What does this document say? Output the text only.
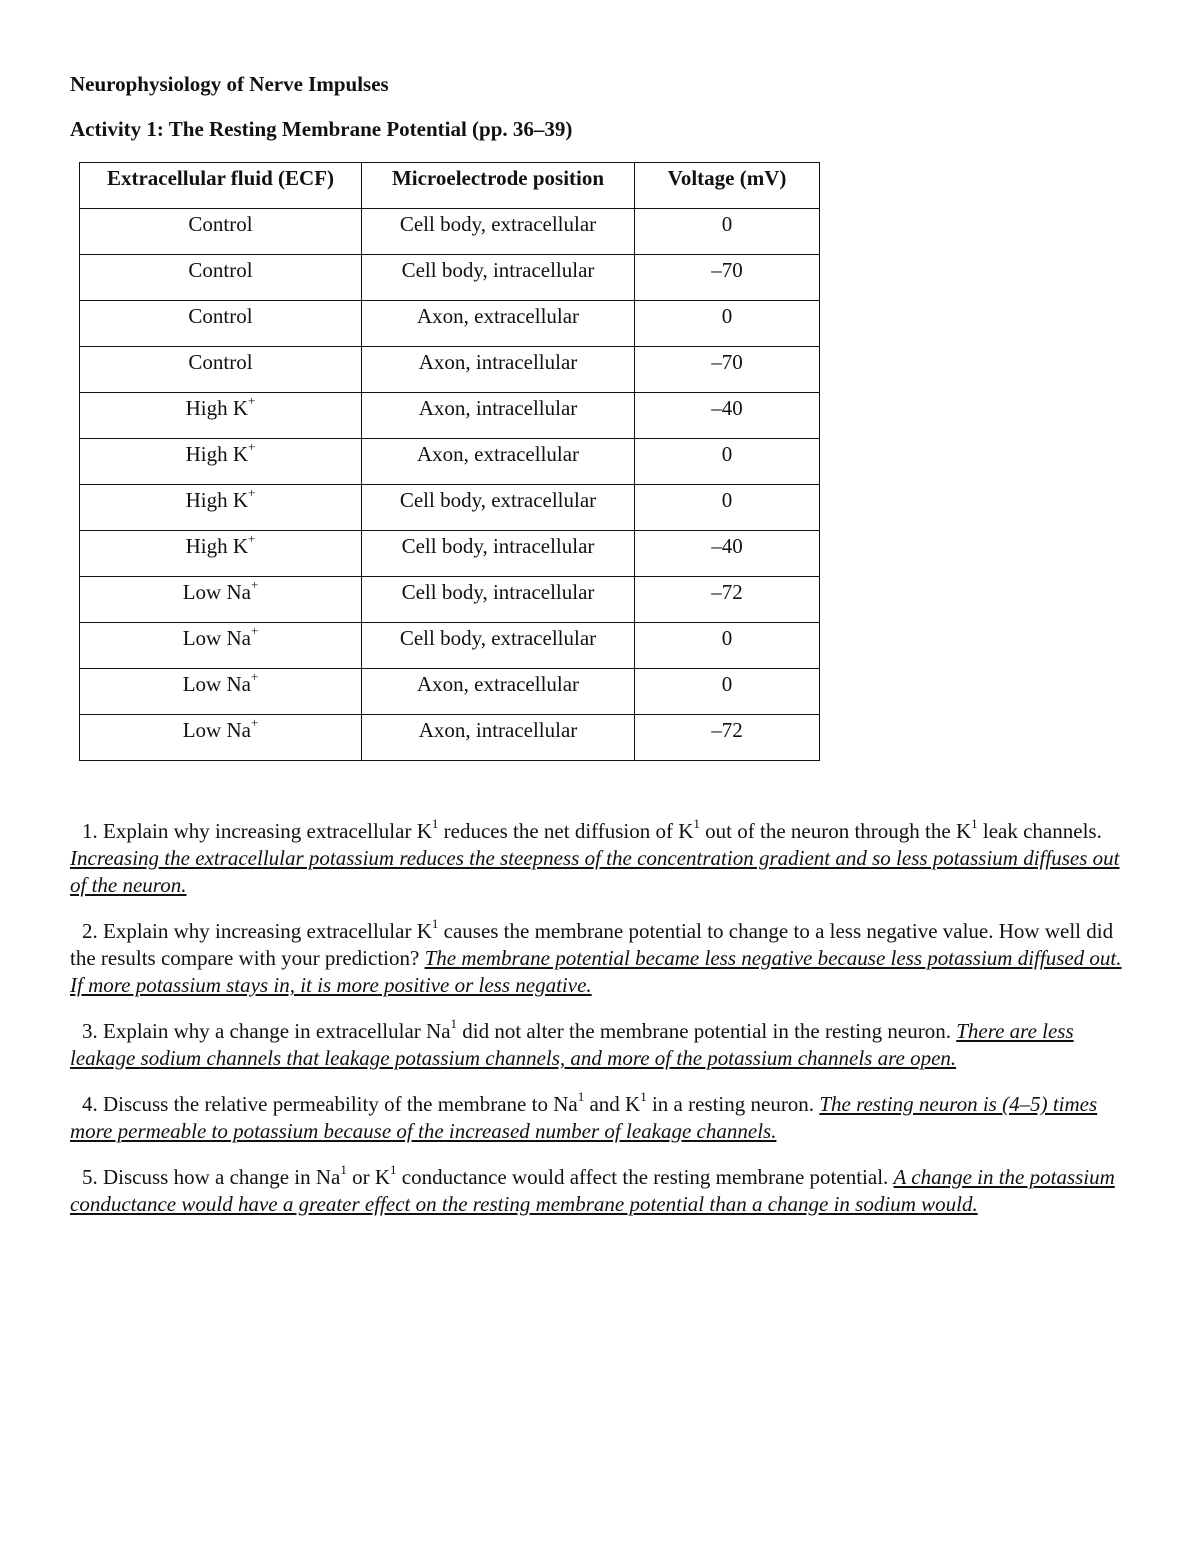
Neurophysiology of Nerve Impulses

Activity 1: The Resting Membrane Potential (pp. 36–39)

Extracellular fluid (ECF)	Microelectrode position	Voltage (mV)
Control	Cell body, extracellular	0
Control	Cell body, intracellular	–70
Control	Axon, extracellular	0
Control	Axon, intracellular	–70
High K+	Axon, intracellular	–40
High K+	Axon, extracellular	0
High K+	Cell body, extracellular	0
High K+	Cell body, intracellular	–40
Low Na+	Cell body, intracellular	–72
Low Na+	Cell body, extracellular	0
Low Na+	Axon, extracellular	0
Low Na+	Axon, intracellular	–72

1. Explain why increasing extracellular $K^1$ reduces the net diffusion of $K^1$ out of the neuron through the $K^1$ leak channels. Increasing the extracellular potassium reduces the steepness of the concentration gradient and so less potassium diffuses out of the neuron.

2. Explain why increasing extracellular $K^1$ causes the membrane potential to change to a less negative value. How well did the results compare with your prediction? The membrane potential became less negative because less potassium diffused out. If more potassium stays in, it is more positive or less negative.

3. Explain why a change in extracellular Na$^1$ did not alter the membrane potential in the resting neuron. There are less leakage sodium channels that leakage potassium channels, and more of the potassium channels are open.

4. Discuss the relative permeability of the membrane to Na$^1$ and $K^1$ in a resting neuron. The resting neuron is (4–5) times more permeable to potassium because of the increased number of leakage channels.

5. Discuss how a change in Na$^1$ or $K^1$ conductance would affect the resting membrane potential. A change in the potassium conductance would have a greater effect on the resting membrane potential than a change in sodium would.
